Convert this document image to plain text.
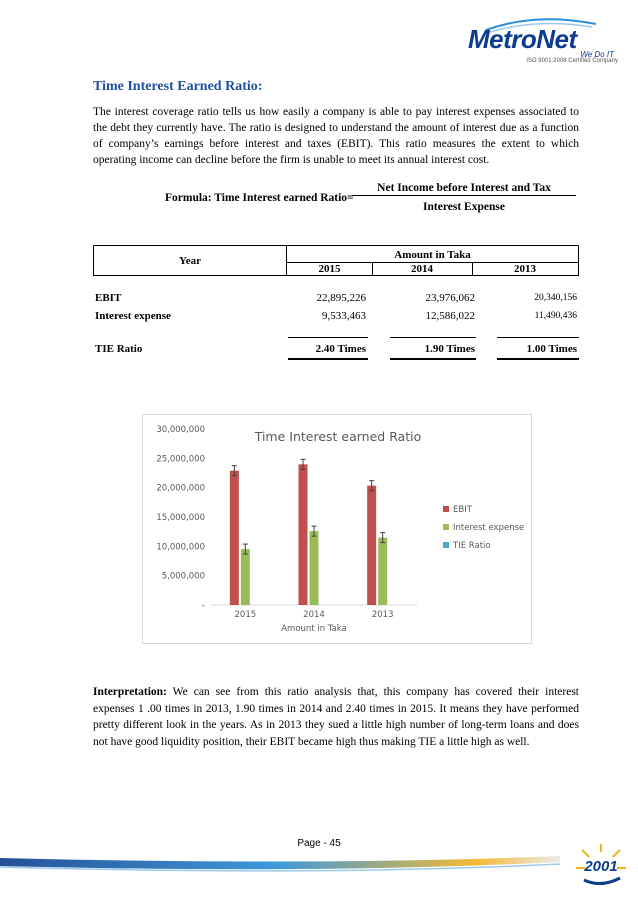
MetroNet
We Do IT
ISO 9001:2008 Certified Company
Time Interest Earned Ratio:
The interest coverage ratio tells us how easily a company is able to pay interest expenses associated to the debt they currently have. The ratio is designed to understand the amount of interest due as a function of company’s earnings before interest and taxes (EBIT). This ratio measures the extent to which operating income can decline before the firm is unable to meet its annual interest cost.
Formula: Time Interest earned Ratio=
Net Income before Interest and Tax
Interest Expense
Year	Amount in Taka
2015	2014	2013
EBIT	22,895,226	23,976,062	20,340,156
Interest expense	9,533,463	12,586,022	11,490,436
TIE Ratio	2.40 Times	1.90 Times	1.00 Times
Time Interest earned Ratio
-
5,000,000
10,000,000
15,000,000
20,000,000
25,000,000
30,000,000
2015	2014	2013
Amount in Taka
EBIT
Interest expense
TIE Ratio
Interpretation: We can see from this ratio analysis that, this company has covered their interest expenses 1 .00 times in 2013, 1.90 times in 2014 and 2.40 times in 2015. It means they have performed pretty different look in the years. As in 2013 they sued a little high number of long-term loans and does not have good liquidity position, their EBIT became high thus making TIE a little high as well.
Page - 45
2001
